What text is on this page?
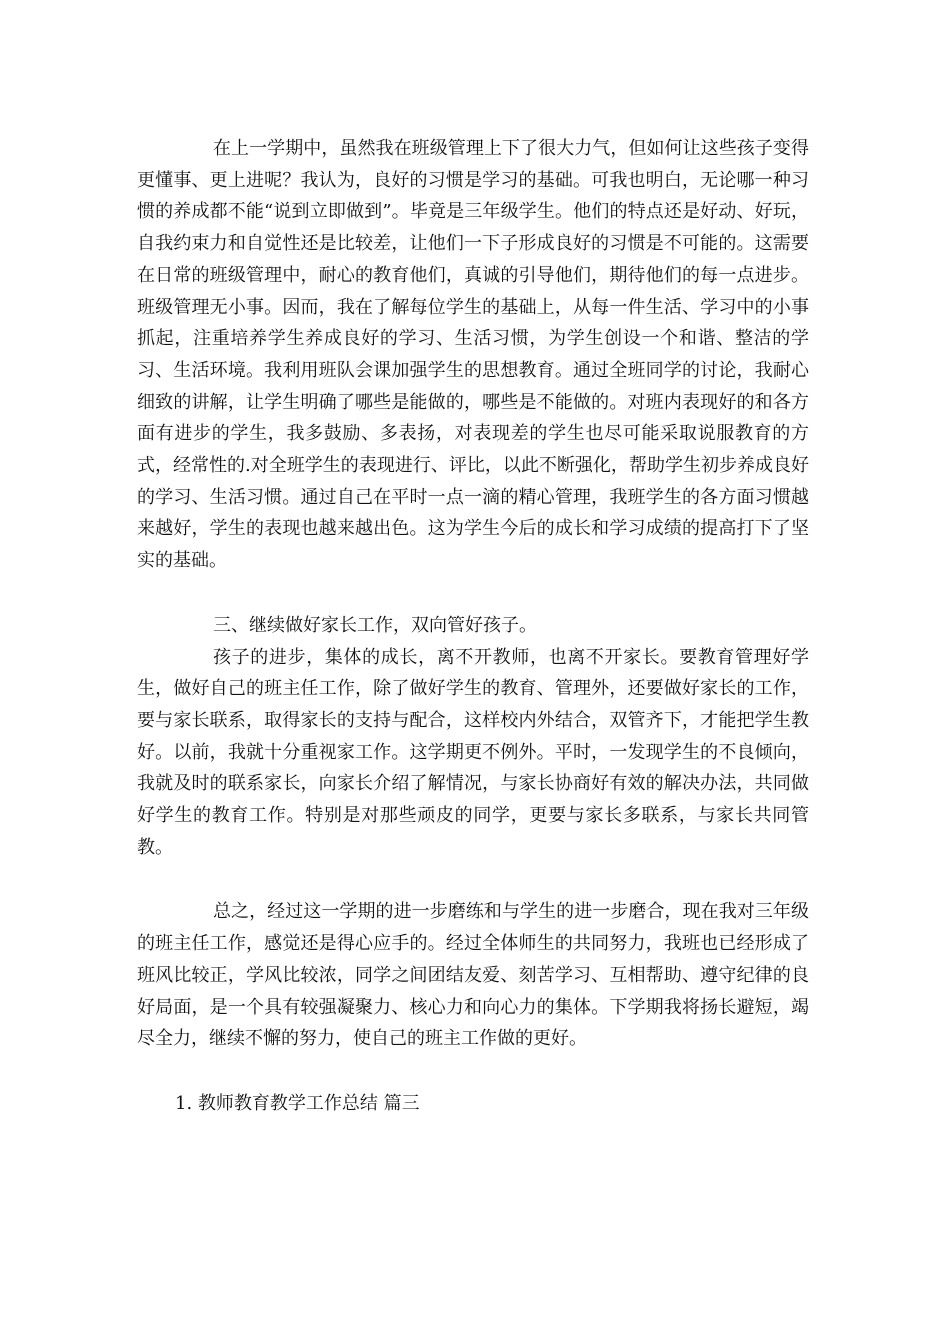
在上一学期中，虽然我在班级管理上下了很大力气，但如何让这些孩子变得更懂事、更上进呢？我认为，良好的习惯是学习的基础。可我也明白，无论哪一种习惯的养成都不能“说到立即做到”。毕竟是三年级学生。他们的特点还是好动、好玩，自我约束力和自觉性还是比较差，让他们一下子形成良好的习惯是不可能的。这需要在日常的班级管理中，耐心的教育他们，真诚的引导他们，期待他们的每一点进步。班级管理无小事。因而，我在了解每位学生的基础上，从每一件生活、学习中的小事抓起，注重培养学生养成良好的学习、生活习惯，为学生创设一个和谐、整洁的学习、生活环境。我利用班队会课加强学生的思想教育。通过全班同学的讨论，我耐心细致的讲解，让学生明确了哪些是能做的，哪些是不能做的。对班内表现好的和各方面有进步的学生，我多鼓励、多表扬，对表现差的学生也尽可能采取说服教育的方式，经常性的.对全班学生的表现进行、评比，以此不断强化，帮助学生初步养成良好的学习、生活习惯。通过自己在平时一点一滴的精心管理，我班学生的各方面习惯越来越好，学生的表现也越来越出色。这为学生今后的成长和学习成绩的提高打下了坚实的基础。

三、继续做好家长工作，双向管好孩子。

孩子的进步，集体的成长，离不开教师，也离不开家长。要教育管理好学生，做好自己的班主任工作，除了做好学生的教育、管理外，还要做好家长的工作，要与家长联系，取得家长的支持与配合，这样校内外结合，双管齐下，才能把学生教好。以前，我就十分重视家工作。这学期更不例外。平时，一发现学生的不良倾向，我就及时的联系家长，向家长介绍了解情况，与家长协商好有效的解决办法，共同做好学生的教育工作。特别是对那些顽皮的同学，更要与家长多联系，与家长共同管教。

总之，经过这一学期的进一步磨练和与学生的进一步磨合，现在我对三年级的班主任工作，感觉还是得心应手的。经过全体师生的共同努力，我班也已经形成了班风比较正，学风比较浓，同学之间团结友爱、刻苦学习、互相帮助、遵守纪律的良好局面，是一个具有较强凝聚力、核心力和向心力的集体。下学期我将扬长避短，竭尽全力，继续不懈的努力，使自己的班主工作做的更好。

1. 教师教育教学工作总结 篇三
